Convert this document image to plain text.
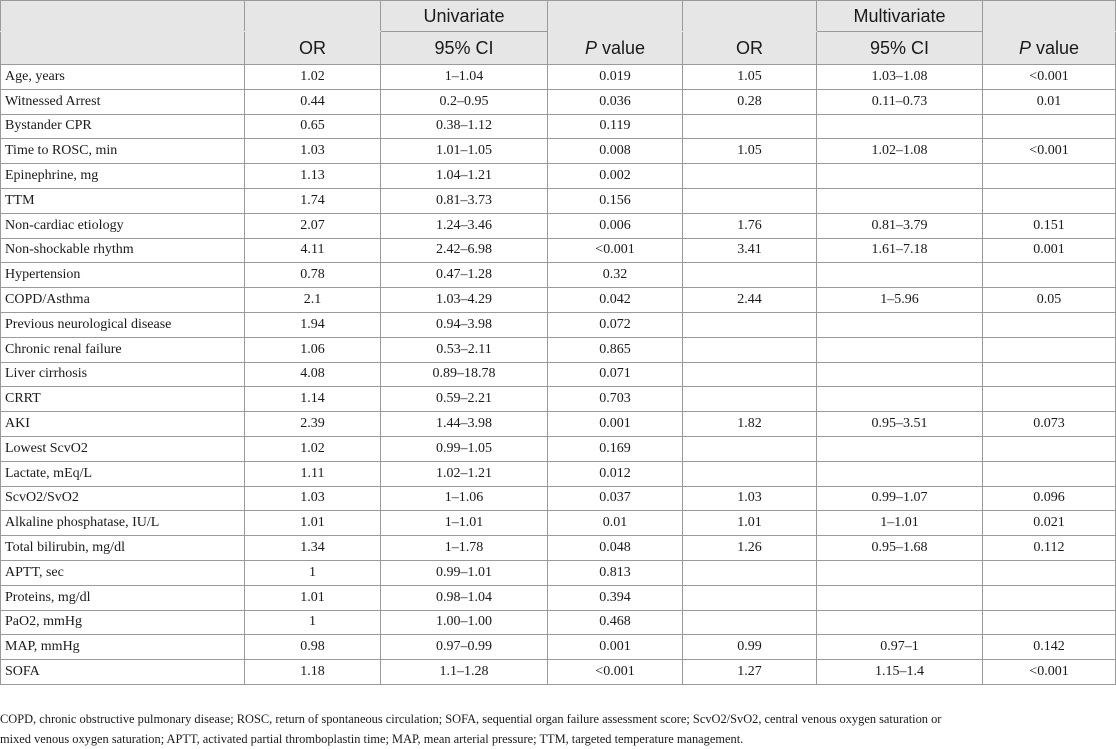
		Univariate			Multivariate	
	OR	95% CI	P value	OR	95% CI	P value
Age, years	1.02	1–1.04	0.019	1.05	1.03–1.08	<0.001
Witnessed Arrest	0.44	0.2–0.95	0.036	0.28	0.11–0.73	0.01
Bystander CPR	0.65	0.38–1.12	0.119			
Time to ROSC, min	1.03	1.01–1.05	0.008	1.05	1.02–1.08	<0.001
Epinephrine, mg	1.13	1.04–1.21	0.002			
TTM	1.74	0.81–3.73	0.156			
Non-cardiac etiology	2.07	1.24–3.46	0.006	1.76	0.81–3.79	0.151
Non-shockable rhythm	4.11	2.42–6.98	<0.001	3.41	1.61–7.18	0.001
Hypertension	0.78	0.47–1.28	0.32			
COPD/Asthma	2.1	1.03–4.29	0.042	2.44	1–5.96	0.05
Previous neurological disease	1.94	0.94–3.98	0.072			
Chronic renal failure	1.06	0.53–2.11	0.865			
Liver cirrhosis	4.08	0.89–18.78	0.071			
CRRT	1.14	0.59–2.21	0.703			
AKI	2.39	1.44–3.98	0.001	1.82	0.95–3.51	0.073
Lowest ScvO2	1.02	0.99–1.05	0.169			
Lactate, mEq/L	1.11	1.02–1.21	0.012			
ScvO2/SvO2	1.03	1–1.06	0.037	1.03	0.99–1.07	0.096
Alkaline phosphatase, IU/L	1.01	1–1.01	0.01	1.01	1–1.01	0.021
Total bilirubin, mg/dl	1.34	1–1.78	0.048	1.26	0.95–1.68	0.112
APTT, sec	1	0.99–1.01	0.813			
Proteins, mg/dl	1.01	0.98–1.04	0.394			
PaO2, mmHg	1	1.00–1.00	0.468			
MAP, mmHg	0.98	0.97–0.99	0.001	0.99	0.97–1	0.142
SOFA	1.18	1.1–1.28	<0.001	1.27	1.15–1.4	<0.001
COPD, chronic obstructive pulmonary disease; ROSC, return of spontaneous circulation; SOFA, sequential organ failure assessment score; ScvO2/SvO2, central venous oxygen saturation or
mixed venous oxygen saturation; APTT, activated partial thromboplastin time; MAP, mean arterial pressure; TTM, targeted temperature management.
